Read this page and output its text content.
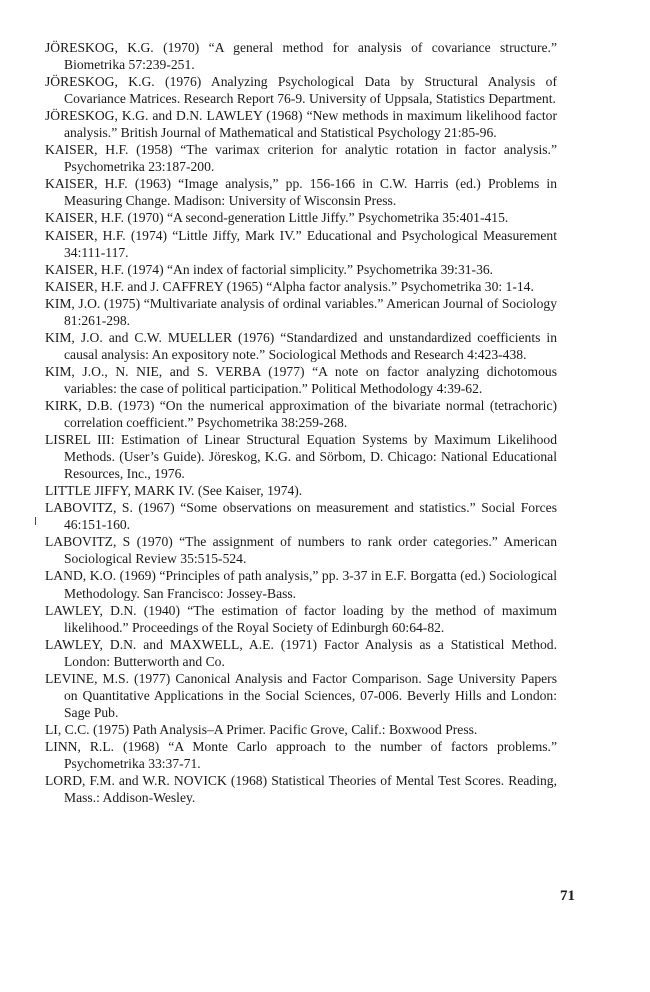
JÖRESKOG, K.G. (1970) “A general method for analysis of covariance structure.” Biometrika 57:239-251.
JÖRESKOG, K.G. (1976) Analyzing Psychological Data by Structural Analysis of Covariance Matrices. Research Report 76-9. University of Uppsala, Statistics Department.
JÖRESKOG, K.G. and D.N. LAWLEY (1968) “New methods in maximum likelihood factor analysis.” British Journal of Mathematical and Statistical Psychology 21:85-96.
KAISER, H.F. (1958) “The varimax criterion for analytic rotation in factor analysis.” Psychometrika 23:187-200.
KAISER, H.F. (1963) “Image analysis,” pp. 156-166 in C.W. Harris (ed.) Problems in Measuring Change. Madison: University of Wisconsin Press.
KAISER, H.F. (1970) “A second-generation Little Jiffy.” Psychometrika 35:401-415.
KAISER, H.F. (1974) “Little Jiffy, Mark IV.” Educational and Psychological Measurement 34:111-117.
KAISER, H.F. (1974) “An index of factorial simplicity.” Psychometrika 39:31-36.
KAISER, H.F. and J. CAFFREY (1965) “Alpha factor analysis.” Psychometrika 30: 1-14.
KIM, J.O. (1975) “Multivariate analysis of ordinal variables.” American Journal of Sociology 81:261-298.
KIM, J.O. and C.W. MUELLER (1976) “Standardized and unstandardized coefficients in causal analysis: An expository note.” Sociological Methods and Research 4:423-438.
KIM, J.O., N. NIE, and S. VERBA (1977) “A note on factor analyzing dichotomous variables: the case of political participation.” Political Methodology 4:39-62.
KIRK, D.B. (1973) “On the numerical approximation of the bivariate normal (tetrachoric) correlation coefficient.” Psychometrika 38:259-268.
LISREL III: Estimation of Linear Structural Equation Systems by Maximum Likelihood Methods. (User’s Guide). Jöreskog, K.G. and Sörbom, D. Chicago: National Educational Resources, Inc., 1976.
LITTLE JIFFY, MARK IV. (See Kaiser, 1974).
LABOVITZ, S. (1967) “Some observations on measurement and statistics.” Social Forces 46:151-160.
LABOVITZ, S (1970) “The assignment of numbers to rank order categories.” American Sociological Review 35:515-524.
LAND, K.O. (1969) “Principles of path analysis,” pp. 3-37 in E.F. Borgatta (ed.) Sociological Methodology. San Francisco: Jossey-Bass.
LAWLEY, D.N. (1940) “The estimation of factor loading by the method of maximum likelihood.” Proceedings of the Royal Society of Edinburgh 60:64-82.
LAWLEY, D.N. and MAXWELL, A.E. (1971) Factor Analysis as a Statistical Method. London: Butterworth and Co.
LEVINE, M.S. (1977) Canonical Analysis and Factor Comparison. Sage University Papers on Quantitative Applications in the Social Sciences, 07-006. Beverly Hills and London: Sage Pub.
LI, C.C. (1975) Path Analysis–A Primer. Pacific Grove, Calif.: Boxwood Press.
LINN, R.L. (1968) “A Monte Carlo approach to the number of factors problems.” Psychometrika 33:37-71.
LORD, F.M. and W.R. NOVICK (1968) Statistical Theories of Mental Test Scores. Reading, Mass.: Addison-Wesley.
71
